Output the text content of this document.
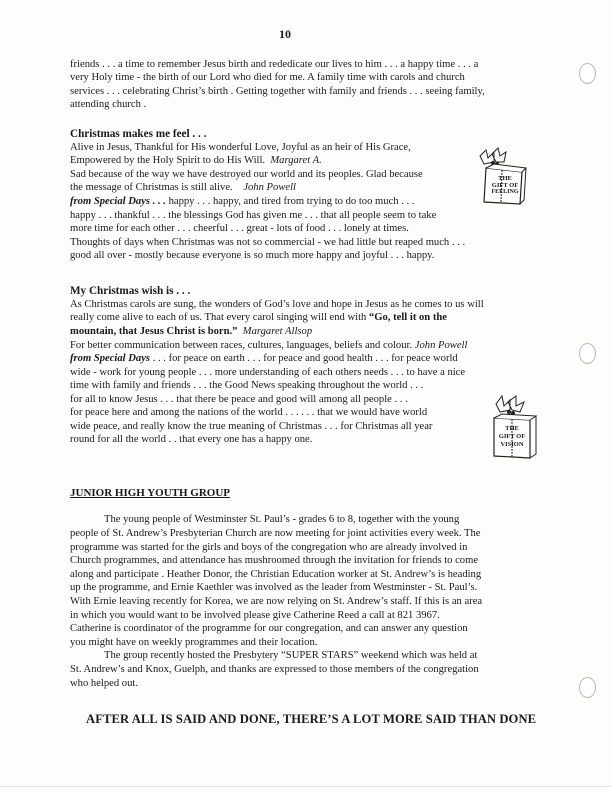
10
friends . . . a time to remember Jesus birth and rededicate our lives to him . . . a happy time . . . a
very Holy time - the birth of our Lord who died for me. A family time with carols and church
services . . . celebrating Christ’s birth . Getting together with family and friends . . . seeing family,
attending church .
Christmas makes me feel . . .
Alive in Jesus, Thankful for His wonderful Love, Joyful as an heir of His Grace,
Empowered by the Holy Spirit to do His Will. Margaret A.
Sad because of the way we have destroyed our world and its peoples. Glad because
the message of Christmas is still alive. John Powell
from Special Days . . . happy . . . happy, and tired from trying to do too much . . .
happy . . . thankful . . . the blessings God has given me . . . that all people seem to take
more time for each other . . . cheerful . . . great - lots of food . . . lonely at times.
Thoughts of days when Christmas was not so commercial - we had little but reaped much . . .
good all over - mostly because everyone is so much more happy and joyful . . . happy.
THE
GIFT OF
FEELING
My Christmas wish is . . .
As Christmas carols are sung, the wonders of God’s love and hope in Jesus as he comes to us will
really come alive to each of us. That every carol singing will end with “Go, tell it on the
mountain, that Jesus Christ is born.” Margaret Allsop
For better communication between races, cultures, languages, beliefs and colour. John Powell
from Special Days . . . for peace on earth . . . for peace and good health . . . for peace world
wide - work for young people . . . more understanding of each others needs . . . to have a nice
time with family and friends . . . the Good News speaking throughout the world . . .
for all to know Jesus . . . that there be peace and good will among all people . . .
for peace here and among the nations of the world . . . . . . that we would have world
wide peace, and really know the true meaning of Christmas . . . for Christmas all year
round for all the world . . that every one has a happy one.
THE
GIFT OF
VISION
JUNIOR HIGH YOUTH GROUP
The young people of Westminster St. Paul’s - grades 6 to 8, together with the young
people of St. Andrew’s Presbyterian Church are now meeting for joint activities every week. The
programme was started for the girls and boys of the congregation who are already involved in
Church programmes, and attendance has mushroomed through the invitation for friends to come
along and participate . Heather Donor, the Christian Education worker at St. Andrew’s is heading
up the programme, and Ernie Kaethler was involved as the leader from Westminster - St. Paul’s.
With Ernie leaving recently for Korea, we are now relying on St. Andrew’s staff. If this is an area
in which you would want to be involved please give Catherine Reed a call at 821 3967.
Catherine is coordinator of the programme for our congregation, and can answer any question
you might have on weekly programmes and their location.
The group recently hosted the Presbytery “SUPER STARS” weekend which was held at
St. Andrew’s and Knox, Guelph, and thanks are expressed to those members of the congregation
who helped out.
AFTER ALL IS SAID AND DONE, THERE’S A LOT MORE SAID THAN DONE
